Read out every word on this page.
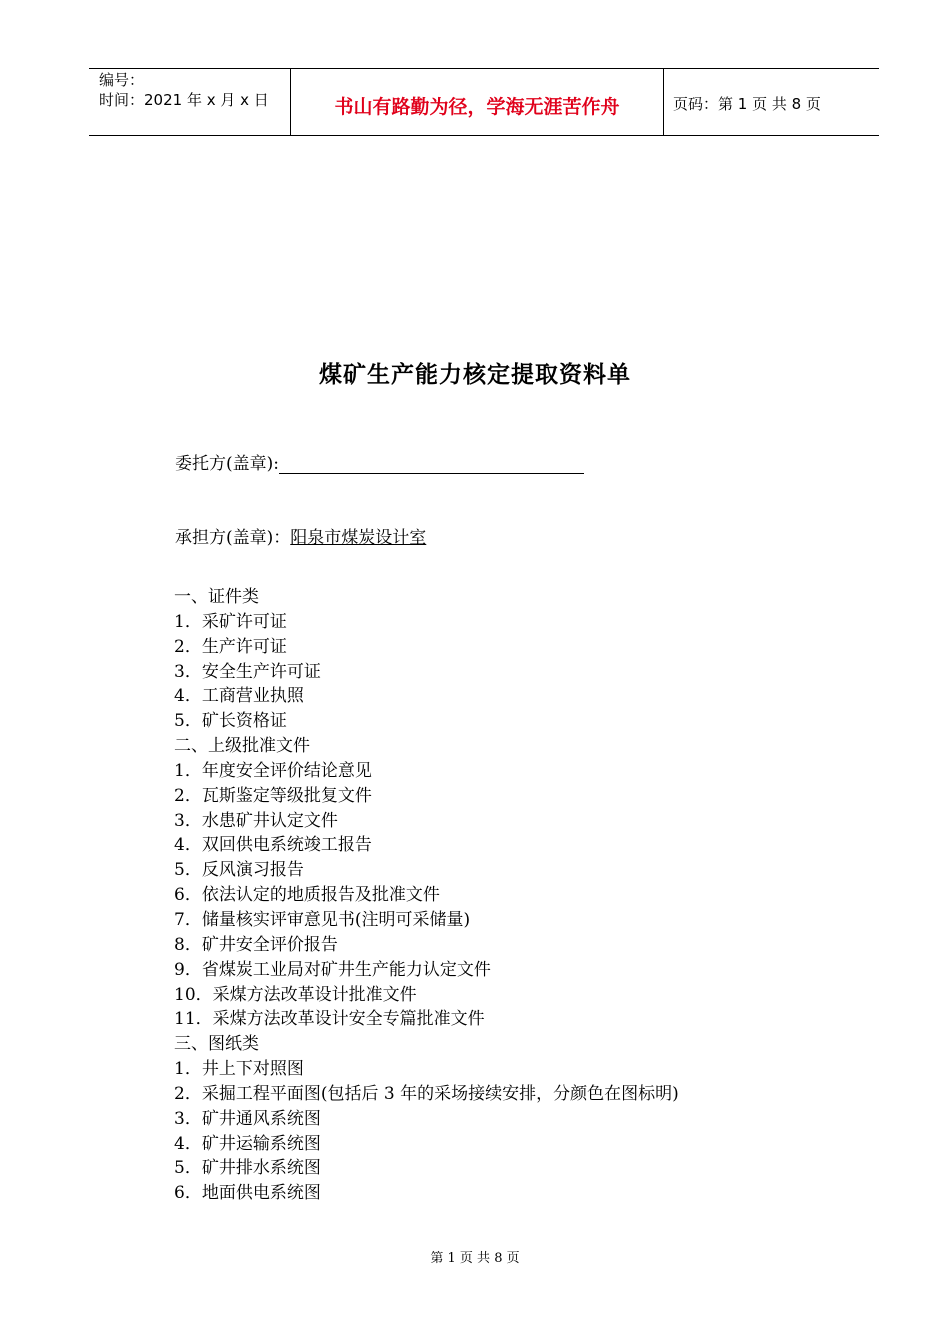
编号：
时间：2021 年 x 月 x 日	书山有路勤为径，学海无涯苦作舟	页码：第 1 页 共 8 页
煤矿生产能力核定提取资料单
委托方(盖章):
承担方(盖章)：阳泉市煤炭设计室
一、证件类
1．采矿许可证
2．生产许可证
3．安全生产许可证
4．工商营业执照
5．矿长资格证
二、上级批准文件
1．年度安全评价结论意见
2．瓦斯鉴定等级批复文件
3．水患矿井认定文件
4．双回供电系统竣工报告
5．反风演习报告
6．依法认定的地质报告及批准文件
7．储量核实评审意见书(注明可采储量)
8．矿井安全评价报告
9．省煤炭工业局对矿井生产能力认定文件
10．采煤方法改革设计批准文件
11．采煤方法改革设计安全专篇批准文件
三、图纸类
1．井上下对照图
2．采掘工程平面图(包括后 3 年的采场接续安排，分颜色在图标明)
3．矿井通风系统图
4．矿井运输系统图
5．矿井排水系统图
6．地面供电系统图
第 1 页 共 8 页
